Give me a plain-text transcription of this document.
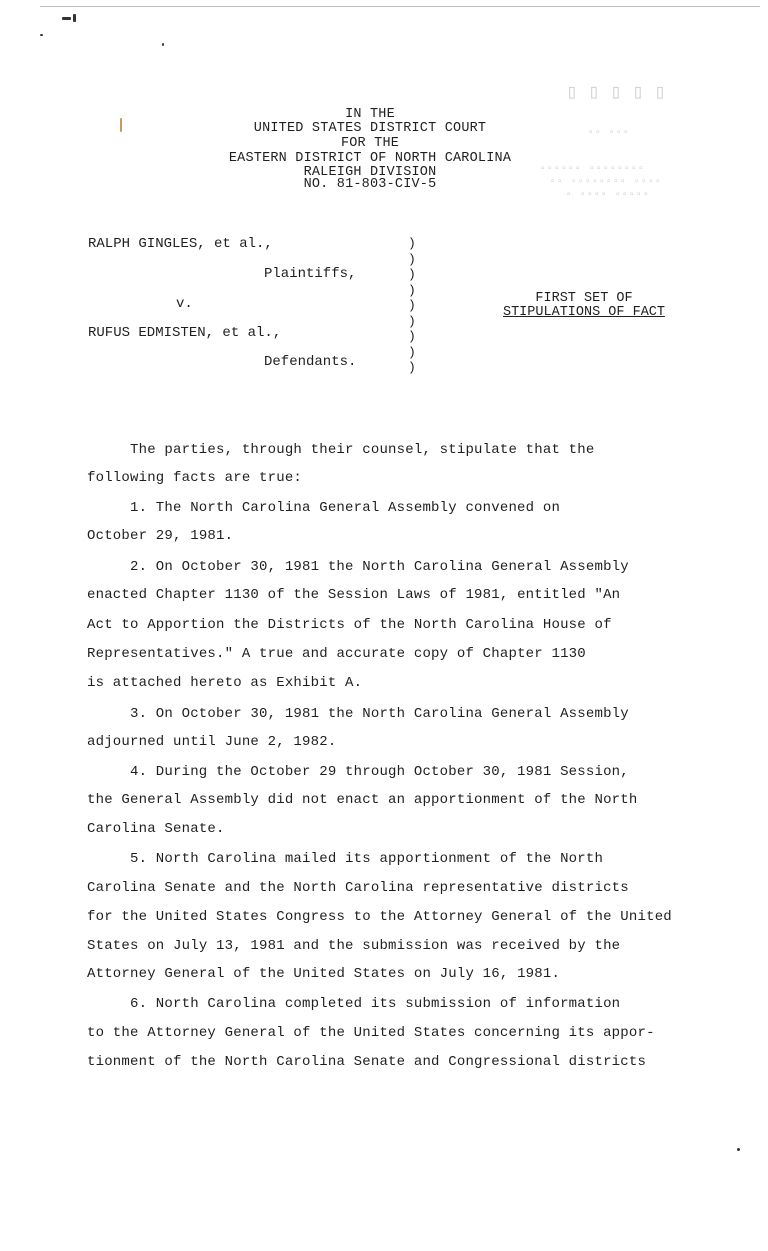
▯▯▯▯▯
▫▫ ▫▫▫
▫▫▫▫▫▫ ▫▫▫▫▫▫▫▫
▫▫ ▫▫▫▫▫▫▫▫ ▫▫▫▫
▫ ▫▫▫▫ ▫▫▫▫▫
IN THE
UNITED STATES DISTRICT COURT
FOR THE
EASTERN DISTRICT OF NORTH CAROLINA
RALEIGH DIVISION
NO. 81-803-CIV-5
RALPH GINGLES, et al.,
Plaintiffs,
v.
RUFUS EDMISTEN, et al.,
Defendants.
)
)
)
)
)
)
)
)
)
FIRST SET OF
STIPULATIONS OF FACT
The parties, through their counsel, stipulate that the
following facts are true:
1. The North Carolina General Assembly convened on
October 29, 1981.
2. On October 30, 1981 the North Carolina General Assembly
enacted Chapter 1130 of the Session Laws of 1981, entitled "An
Act to Apportion the Districts of the North Carolina House of
Representatives." A true and accurate copy of Chapter 1130
is attached hereto as Exhibit A.
3. On October 30, 1981 the North Carolina General Assembly
adjourned until June 2, 1982.
4. During the October 29 through October 30, 1981 Session,
the General Assembly did not enact an apportionment of the North
Carolina Senate.
5. North Carolina mailed its apportionment of the North
Carolina Senate and the North Carolina representative districts
for the United States Congress to the Attorney General of the United
States on July 13, 1981 and the submission was received by the
Attorney General of the United States on July 16, 1981.
6. North Carolina completed its submission of information
to the Attorney General of the United States concerning its appor-
tionment of the North Carolina Senate and Congressional districts
